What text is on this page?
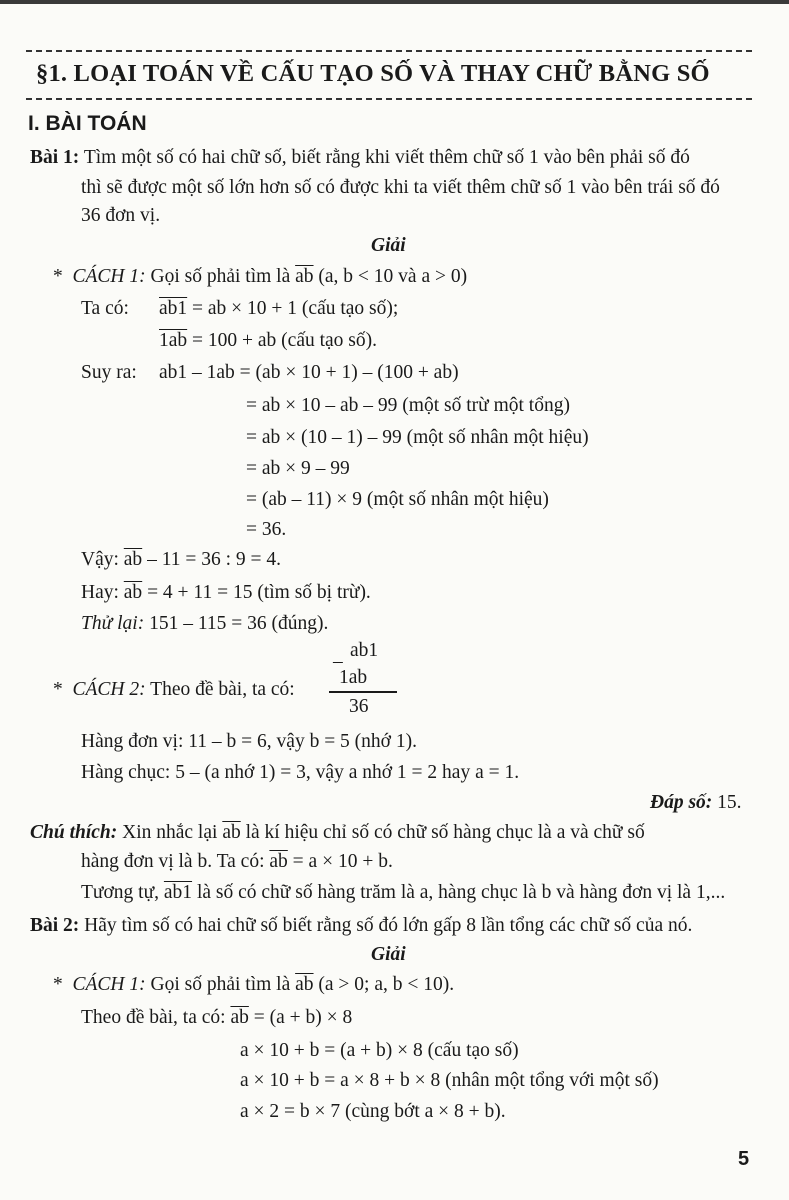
§1. LOẠI TOÁN VỀ CẤU TẠO SỐ VÀ THAY CHỮ BẰNG SỐ
I. BÀI TOÁN
Bài 1: Tìm một số có hai chữ số, biết rằng khi viết thêm chữ số 1 vào bên phải số đó
thì sẽ được một số lớn hơn số có được khi ta viết thêm chữ số 1 vào bên trái số đó
36 đơn vị.
Giải
* CÁCH 1: Gọi số phải tìm là $\overline{ab}$ (a, b < 10 và a > 0)
Ta có: ab1 = ab × 10 + 1 (cấu tạo số);
1ab = 100 + ab (cấu tạo số).
Suy ra: ab1 – 1ab = (ab × 10 + 1) – (100 + ab)
= ab × 10 – ab – 99 (một số trừ một tổng)
= ab × (10 – 1) – 99 (một số nhân một hiệu)
= ab × 9 – 99
= (ab – 11) × 9 (một số nhân một hiệu)
= 36.
Vậy: $\overline{ab} - 11 = 36$ : 9 = 4.
Hay: $\overline{ab} = 4 + 11 = 15$ (tìm số bị trừ).
Thử lại: 151 – 115 = 36 (đúng).
–
ab1
1ab
36
* CÁCH 2: Theo đề bài, ta có:
Hàng đơn vị: 11 – b = 6, vậy b = 5 (nhớ 1).
Hàng chục: 5 – (a nhớ 1) = 3, vậy a nhớ 1 = 2 hay a = 1.
Đáp số: 15.
Chú thích: Xin nhắc lại $\overline{ab}$ là kí hiệu chỉ số có chữ số hàng chục là a và chữ số
hàng đơn vị là b. Ta có: $\overline{ab} = a \times 10 + b$.
Tương tự, ab1 là số có chữ số hàng trăm là a, hàng chục là b và hàng đơn vị là 1,...
Bài 2: Hãy tìm số có hai chữ số biết rằng số đó lớn gấp 8 lần tổng các chữ số của nó.
Giải
* CÁCH 1: Gọi số phải tìm là $\overline{ab}$ (a > 0; a, b < 10).
Theo đề bài, ta có: $\overline{ab} = (a + b) \times 8$
a × 10 + b = (a + b) × 8 (cấu tạo số)
a × 10 + b = a × 8 + b × 8 (nhân một tổng với một số)
a × 2 = b × 7 (cùng bớt a × 8 + b).
5
